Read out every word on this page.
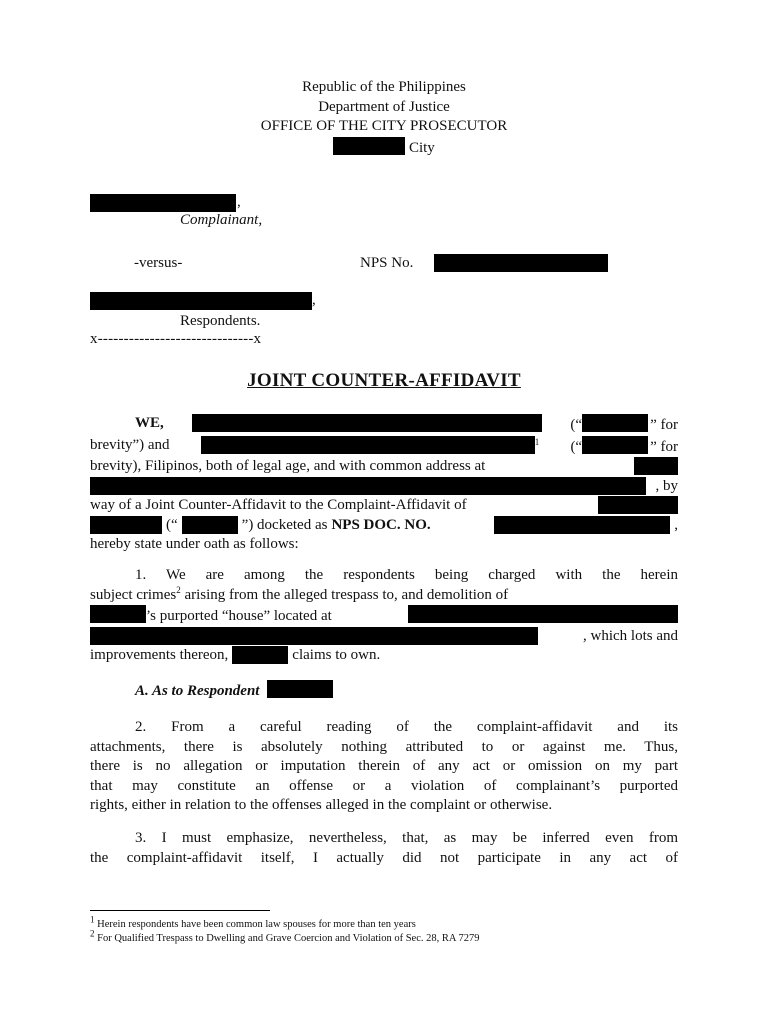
Republic of the Philippines
Department of Justice
OFFICE OF THE CITY PROSECUTOR
City
,
Complainant,
-versus-	NPS No.
,
Respondents.
x------------------------------x
JOINT COUNTER-AFFIDAVIT
WE,	(“	” for
brevity”) and	$^1$ (“	” for
brevity), Filipinos, both of legal age, and with common address at
, by
way of a Joint Counter-Affidavit to the Complaint-Affidavit of
(“	”) docketed as NPS DOC. NO.	,
hereby state under oath as follows:
1. We are among the respondents being charged with the herein
subject crimes$^2$ arising from the alleged trespass to, and demolition of
’s purported “house” located at
, which lots and
improvements thereon,	claims to own.
A. As to Respondent
2. From a careful reading of the complaint-affidavit and its
attachments, there is absolutely nothing attributed to or against me. Thus,
there is no allegation or imputation therein of any act or omission on my part
that may constitute an offense or a violation of complainant’s purported
rights, either in relation to the offenses alleged in the complaint or otherwise.
3. I must emphasize, nevertheless, that, as may be inferred even from
the complaint-affidavit itself, I actually did not participate in any act of
$^1$ Herein respondents have been common law spouses for more than ten years
$^2$ For Qualified Trespass to Dwelling and Grave Coercion and Violation of Sec. 28, RA 7279
